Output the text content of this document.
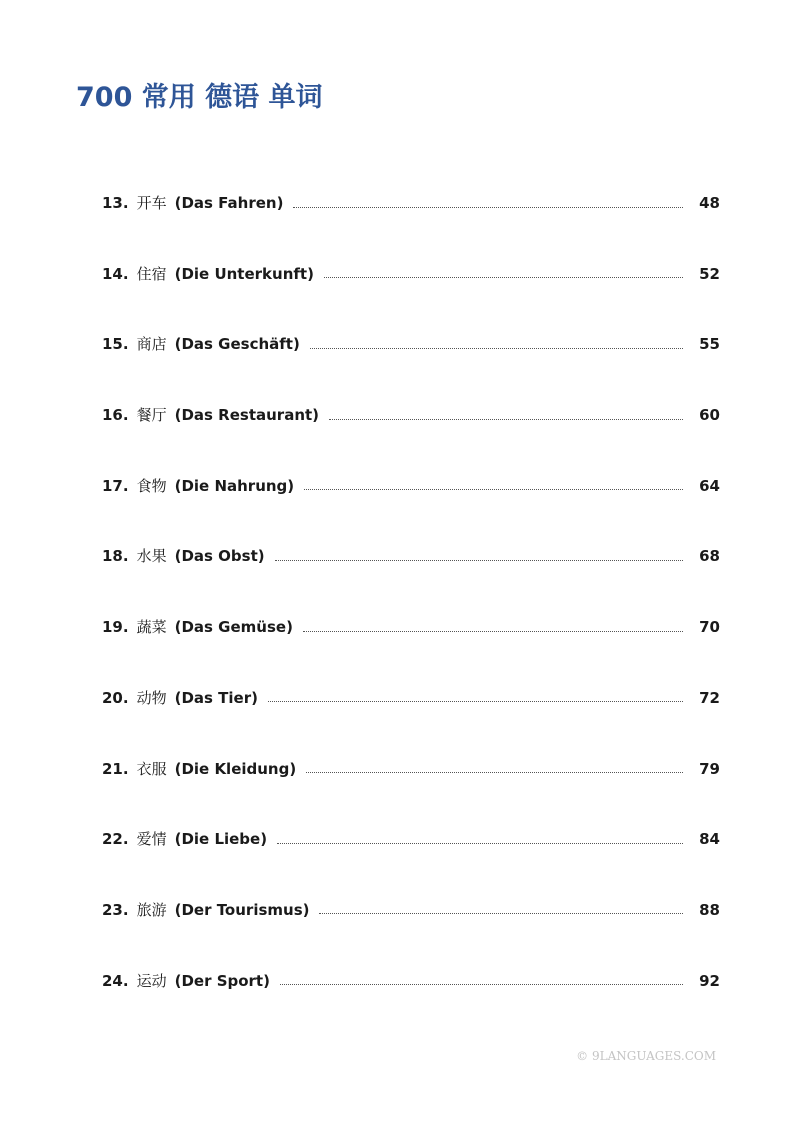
700 常用 德语 单词
13. 开车 (Das Fahren)	48
14. 住宿 (Die Unterkunft)	52
15. 商店 (Das Geschäft)	55
16. 餐厅 (Das Restaurant)	60
17. 食物 (Die Nahrung)	64
18. 水果 (Das Obst)	68
19. 蔬菜 (Das Gemüse)	70
20. 动物 (Das Tier)	72
21. 衣服 (Die Kleidung)	79
22. 爱情 (Die Liebe)	84
23. 旅游 (Der Tourismus)	88
24. 运动 (Der Sport)	92
© 9LANGUAGES.COM
